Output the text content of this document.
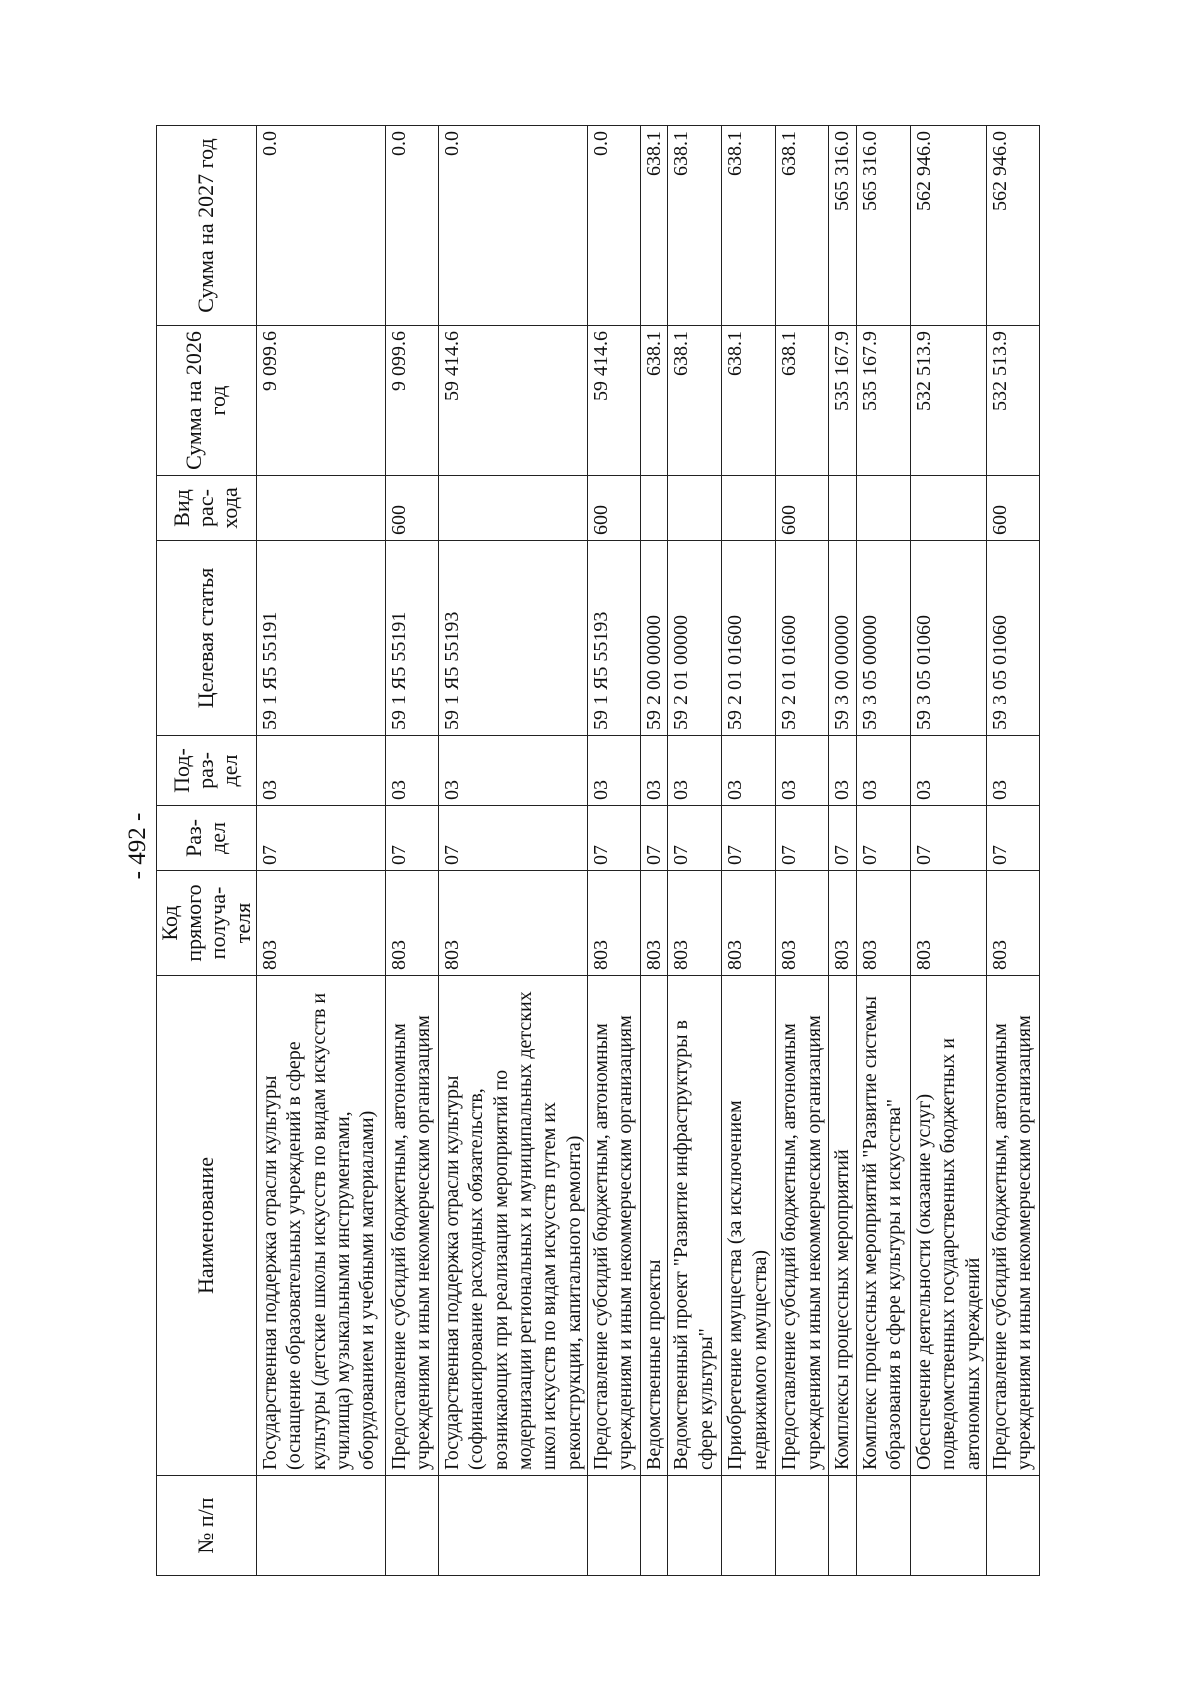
- 492 -
№ п/п	Наименование	Код прямого получа-теля	Раз-дел	Под-раз-дел	Целевая статья	Вид рас-хода	Сумма на 2026 год	Сумма на 2027 год
	Государственная поддержка отрасли культуры (оснащение образовательных учреждений в сфере культуры (детские школы искусств по видам искусств и училища) музыкальными инструментами, оборудованием и учебными материалами)	803	07	03	59 1 Я5 55191		9 099.6	0.0
	Предоставление субсидий бюджетным, автономным учреждениям и иным некоммерческим организациям	803	07	03	59 1 Я5 55191	600	9 099.6	0.0
	Государственная поддержка отрасли культуры (софинансирование расходных обязательств, возникающих при реализации мероприятий по модернизации региональных и муниципальных детских школ искусств по видам искусств путем их реконструкции, капитального ремонта)	803	07	03	59 1 Я5 55193		59 414.6	0.0
	Предоставление субсидий бюджетным, автономным учреждениям и иным некоммерческим организациям	803	07	03	59 1 Я5 55193	600	59 414.6	0.0
	Ведомственные проекты	803	07	03	59 2 00 00000		638.1	638.1
	Ведомственный проект "Развитие инфраструктуры в сфере культуры"	803	07	03	59 2 01 00000		638.1	638.1
	Приобретение имущества (за исключением недвижимого имущества)	803	07	03	59 2 01 01600		638.1	638.1
	Предоставление субсидий бюджетным, автономным учреждениям и иным некоммерческим организациям	803	07	03	59 2 01 01600	600	638.1	638.1
	Комплексы процессных мероприятий	803	07	03	59 3 00 00000		535 167.9	565 316.0
	Комплекс процессных мероприятий "Развитие системы образования в сфере культуры и искусства"	803	07	03	59 3 05 00000		535 167.9	565 316.0
	Обеспечение деятельности (оказание услуг) подведомственных государственных бюджетных и автономных учреждений	803	07	03	59 3 05 01060		532 513.9	562 946.0
	Предоставление субсидий бюджетным, автономным учреждениям и иным некоммерческим организациям	803	07	03	59 3 05 01060	600	532 513.9	562 946.0
